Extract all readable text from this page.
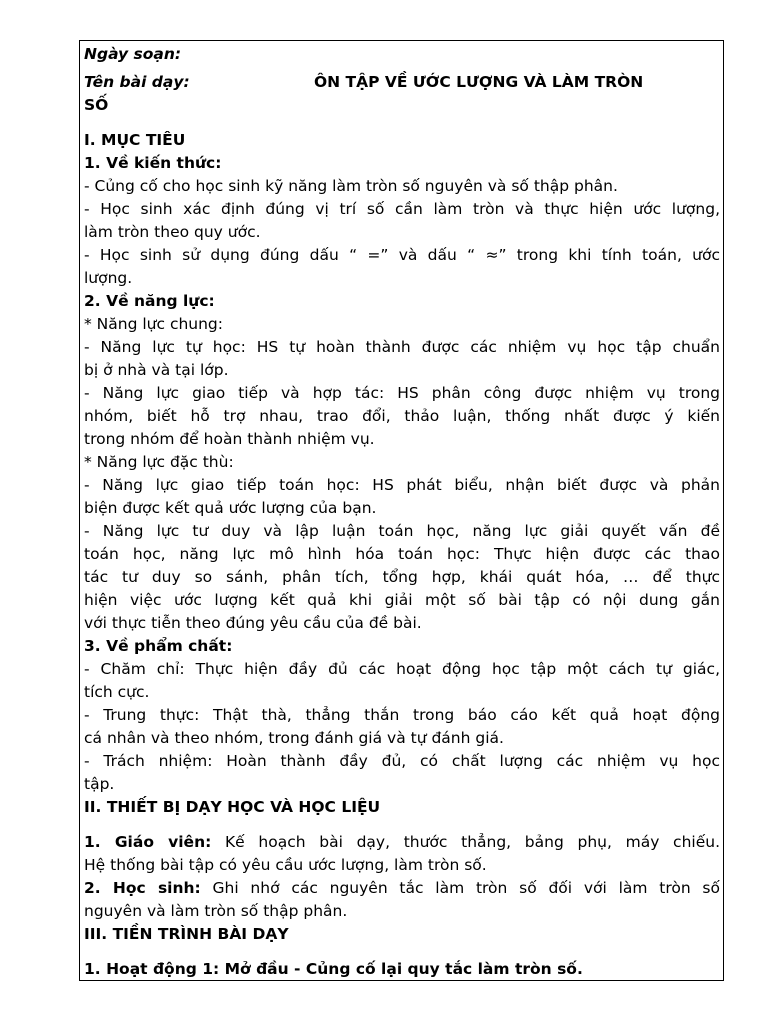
Ngày soạn:
Tên bài dạy:	ÔN TẬP VỀ ƯỚC LƯỢNG VÀ LÀM TRÒN
SỐ
I. MỤC TIÊU
1. Về kiến thức:
- Củng cố cho học sinh kỹ năng làm tròn số nguyên và số thập phân.
- Học sinh xác định đúng vị trí số cần làm tròn và thực hiện ước lượng,
làm tròn theo quy ước.
- Học sinh sử dụng đúng dấu “ =” và dấu “ ≈” trong khi tính toán, ước
lượng.
2. Về năng lực:
* Năng lực chung:
- Năng lực tự học: HS tự hoàn thành được các nhiệm vụ học tập chuẩn
bị ở nhà và tại lớp.
- Năng lực giao tiếp và hợp tác: HS phân công được nhiệm vụ trong
nhóm, biết hỗ trợ nhau, trao đổi, thảo luận, thống nhất được ý kiến
trong nhóm để hoàn thành nhiệm vụ.
* Năng lực đặc thù:
- Năng lực giao tiếp toán học: HS phát biểu, nhận biết được và phản
biện được kết quả ước lượng của bạn.
- Năng lực tư duy và lập luận toán học, năng lực giải quyết vấn đề
toán học, năng lực mô hình hóa toán học: Thực hiện được các thao
tác tư duy so sánh, phân tích, tổng hợp, khái quát hóa, … để thực
hiện việc ước lượng kết quả khi giải một số bài tập có nội dung gắn
với thực tiễn theo đúng yêu cầu của đề bài.
3. Về phẩm chất:
- Chăm chỉ: Thực hiện đầy đủ các hoạt động học tập một cách tự giác,
tích cực.
- Trung thực: Thật thà, thẳng thắn trong báo cáo kết quả hoạt động
cá nhân và theo nhóm, trong đánh giá và tự đánh giá.
- Trách nhiệm: Hoàn thành đầy đủ, có chất lượng các nhiệm vụ học
tập.
II. THIẾT BỊ DẠY HỌC VÀ HỌC LIỆU
1. Giáo viên: Kế hoạch bài dạy, thước thẳng, bảng phụ, máy chiếu.
Hệ thống bài tập có yêu cầu ước lượng, làm tròn số.
2. Học sinh: Ghi nhớ các nguyên tắc làm tròn số đối với làm tròn số
nguyên và làm tròn số thập phân.
III. TIỀN TRÌNH BÀI DẠY
1. Hoạt động 1: Mở đầu - Củng cố lại quy tắc làm tròn số.
